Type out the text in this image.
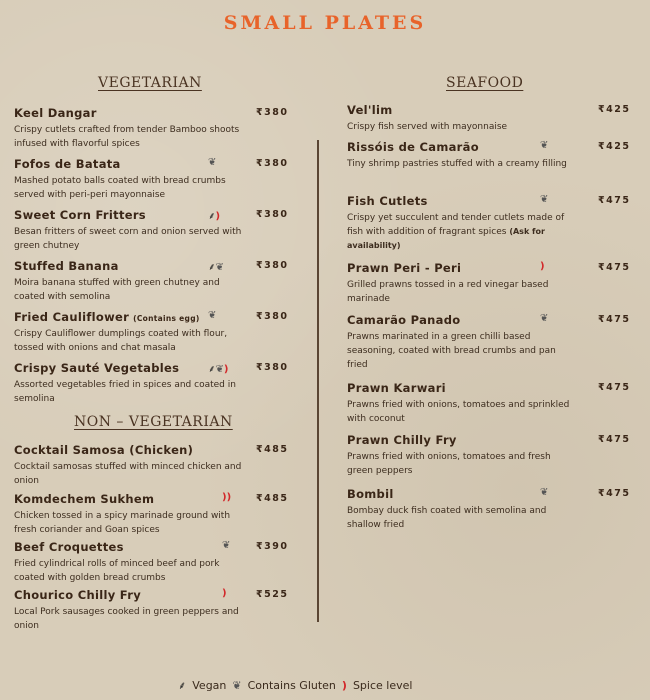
SMALL PLATES
VEGETARIAN
NON – VEGETARIAN
SEAFOOD
Keel Dangar
Crispy cutlets crafted from tender Bamboo shoots infused with flavorful spices
₹380
Fofos de Batata
Mashed potato balls coated with bread crumbs served with peri-peri mayonnaise
❦	₹380
Sweet Corn Fritters
Besan fritters of sweet corn and onion served with green chutney
⸙)	₹380
Stuffed Banana
Moira banana stuffed with green chutney and coated with semolina
⸙❦	₹380
Fried Cauliflower (Contains egg)
Crispy Cauliflower dumplings coated with flour, tossed with onions and chat masala
❦	₹380
Crispy Sauté Vegetables
Assorted vegetables fried in spices and coated in semolina
⸙❦)	₹380
Cocktail Samosa (Chicken)
Cocktail samosas stuffed with minced chicken and onion
₹485
Komdechem Sukhem
Chicken tossed in a spicy marinade ground with fresh coriander and Goan spices
))	₹485
Beef Croquettes
Fried cylindrical rolls of minced beef and pork coated with golden bread crumbs
❦	₹390
Chourico Chilly Fry
Local Pork sausages cooked in green peppers and onion
)	₹525
Vel'lim
Crispy fish served with mayonnaise
₹425
Rissóis de Camarão
Tiny shrimp pastries stuffed with a creamy filling
❦	₹425
Fish Cutlets
Crispy yet succulent and tender cutlets made of fish with addition of fragrant spices (Ask for availability)
❦	₹475
Prawn Peri - Peri
Grilled prawns tossed in a red vinegar based marinade
)	₹475
Camarão Panado
Prawns marinated in a green chilli based seasoning, coated with bread crumbs and pan fried
❦	₹475
Prawn Karwari
Prawns fried with onions, tomatoes and sprinkled with coconut
₹475
Prawn Chilly Fry
Prawns fried with onions, tomatoes and fresh green peppers
₹475
Bombil
Bombay duck fish coated with semolina and shallow fried
❦	₹475
⸙ Vegan ❦ Contains Gluten ) Spice level
